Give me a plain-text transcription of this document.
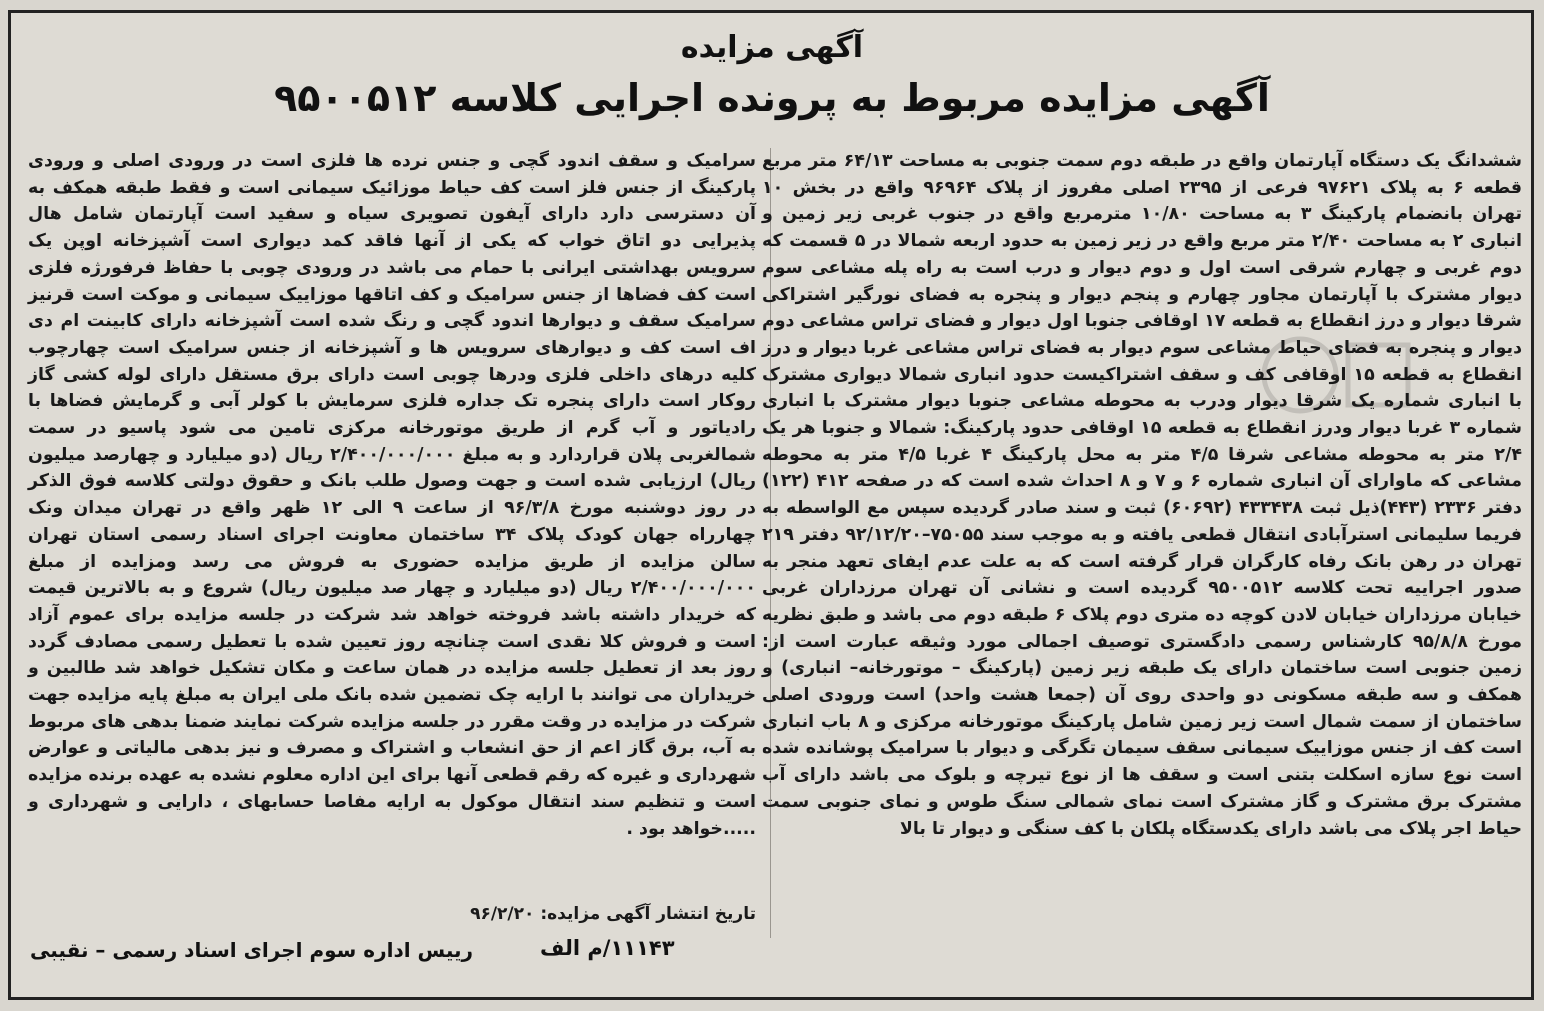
آگهی مزایده
آگهی مزایده مربوط به پرونده اجرایی کلاسه ۹۵۰۰۵۱۲
ششدانگ یک دستگاه آپارتمان واقع در طبقه دوم سمت جنوبی به مساحت ۶۴/۱۳ متر مربع قطعه ۶ به پلاک ۹۷۶۲۱ فرعی از ۲۳۹۵ اصلی مفروز از پلاک ۹۶۹۶۴ واقع در بخش ۱۰ تهران بانضمام پارکینگ ۳ به مساحت ۱۰/۸۰ مترمربع واقع در جنوب غربی زیر زمین و انباری ۲ به مساحت ۲/۴۰ متر مربع واقع در زیر زمین به حدود اربعه شمالا در ۵ قسمت که دوم غربی و چهارم شرقی است اول و دوم دیوار و درب است به راه پله مشاعی سوم دیوار مشترک با آپارتمان مجاور چهارم و پنجم دیوار و پنجره به فضای نورگیر اشتراکی شرقا دیوار و درز انقطاع به قطعه ۱۷ اوقافی جنوبا اول دیوار و فضای تراس مشاعی دوم دیوار و پنجره به فضای حیاط مشاعی سوم دیوار به فضای تراس مشاعی غربا دیوار و درز انقطاع به قطعه ۱۵ اوقافی کف و سقف اشتراکیست حدود انباری شمالا دیواری مشترک با انباری شماره یک شرقا دیوار ودرب به محوطه مشاعی جنوبا دیوار مشترک با انباری شماره ۳ غربا دیوار ودرز انقطاع به قطعه ۱۵ اوقافی حدود پارکینگ: شمالا و جنوبا هر یک ۲/۴ متر به محوطه مشاعی شرقا ۴/۵ متر به محل پارکینگ ۴ غربا ۴/۵ متر به محوطه مشاعی که ماوارای آن انباری شماره ۶ و ۷ و ۸ احداث شده است که در صفحه ۴۱۲ (۱۲۲) دفتر ۲۳۳۶ (۴۴۳)ذیل ثبت ۴۳۳۴۳۸ (۶۰۶۹۲) ثبت و سند صادر گردیده سپس مع الواسطه به فریما سلیمانی استرآبادی انتقال قطعی یافته و به موجب سند ۷۵۰۵۵–۹۲/۱۲/۲۰ دفتر ۲۱۹ تهران در رهن بانک رفاه کارگران قرار گرفته است که به علت عدم ایفای تعهد منجر به صدور اجراییه تحت کلاسه ۹۵۰۰۵۱۲ گردیده است و نشانی آن تهران مرزداران غربی خیابان مرزداران خیابان لادن کوچه ده متری دوم پلاک ۶ طبقه دوم می باشد و طبق نظریه مورخ ۹۵/۸/۸ کارشناس رسمی دادگستری توصیف اجمالی مورد وثیقه عبارت است از: زمین جنوبی است ساختمان دارای یک طبقه زیر زمین (پارکینگ – موتورخانه– انباری) و همکف و سه طبقه مسکونی دو واحدی روی آن (جمعا هشت واحد) است ورودی اصلی ساختمان از سمت شمال است زیر زمین شامل پارکینگ موتورخانه مرکزی و ۸ باب انباری است کف از جنس موزاییک سیمانی سقف سیمان تگرگی و دیوار با سرامیک پوشانده شده است نوع سازه اسکلت بتنی است و سقف ها از نوع تیرچه و بلوک می باشد دارای آب مشترک برق مشترک و گاز مشترک است نمای شمالی سنگ طوس و نمای جنوبی سمت حیاط اجر پلاک می باشد دارای یکدستگاه پلکان با کف سنگی و دیوار تا بالا
سرامیک و سقف اندود گچی و جنس نرده ها فلزی است در ورودی اصلی و ورودی پارکینگ از جنس فلز است کف حیاط موزائیک سیمانی است و فقط طبقه همکف به آن دسترسی دارد دارای آیفون تصویری سیاه و سفید است آپارتمان شامل هال پذیرایی دو اتاق خواب که یکی از آنها فاقد کمد دیواری است آشپزخانه اوپن یک سرویس بهداشتی ایرانی با حمام می باشد در ورودی چوبی با حفاظ فرفورژه فلزی است کف فضاها از جنس سرامیک و کف اتاقها موزاییک سیمانی و موکت است قرنیز سرامیک سقف و دیوارها اندود گچی و رنگ شده است آشپزخانه دارای کابینت ام دی اف است کف و دیوارهای سرویس ها و آشپزخانه از جنس سرامیک است چهارچوب کلیه درهای داخلی فلزی ودرها چوبی است دارای برق مستقل دارای لوله کشی گاز روکار است دارای پنجره تک جداره فلزی سرمایش با کولر آبی و گرمایش فضاها با رادیاتور و آب گرم از طریق موتورخانه مرکزی تامین می شود پاسیو در سمت شمالغربی پلان قراردارد و به مبلغ ۲/۴۰۰/۰۰۰/۰۰۰ ریال (دو میلیارد و چهارصد میلیون ریال) ارزیابی شده است و جهت وصول طلب بانک و حقوق دولتی کلاسه فوق الذکر در روز دوشنبه مورخ ۹۶/۳/۸ از ساعت ۹ الی ۱۲ ظهر واقع در تهران میدان ونک چهارراه جهان کودک پلاک ۳۴ ساختمان معاونت اجرای اسناد رسمی استان تهران سالن مزایده از طریق مزایده حضوری به فروش می رسد ومزایده از مبلغ ۲/۴۰۰/۰۰۰/۰۰۰ ریال (دو میلیارد و چهار صد میلیون ریال) شروع و به بالاترین قیمت که خریدار داشته باشد فروخته خواهد شد شرکت در جلسه مزایده برای عموم آزاد است و فروش کلا نقدی است چنانچه روز تعیین شده با تعطیل رسمی مصادف گردد روز بعد از تعطیل جلسه مزایده در همان ساعت و مکان تشکیل خواهد شد طالبین و خریداران می توانند با ارایه چک تضمین شده بانک ملی ایران به مبلغ پایه مزایده جهت شرکت در مزایده در وقت مقرر در جلسه مزایده شرکت نمایند ضمنا بدهی های مربوط به آب، برق گاز اعم از حق انشعاب و اشتراک و مصرف و نیز بدهی مالیاتی و عوارض شهرداری و غیره که رقم قطعی آنها برای این اداره معلوم نشده به عهده برنده مزایده است و تنظیم سند انتقال موکول به ارایه مفاصا حسابهای ، دارایی و شهرداری و .....خواهد بود .
تاریخ انتشار آگهی مزایده: ۹۶/۲/۲۰
۱۱۱۴۳/م الف
رییس اداره سوم اجرای اسناد رسمی – نقیبی
